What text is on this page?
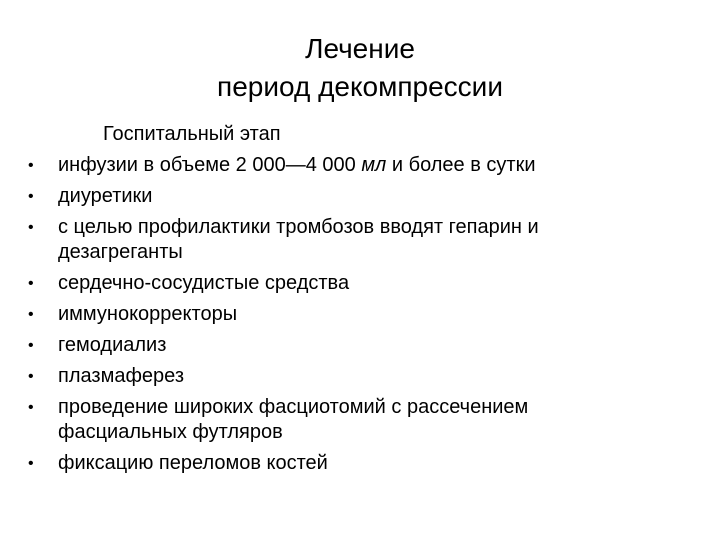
Лечение
период декомпрессии
Госпитальный этап
•	инфузии в объеме 2 000—4 000 мл и более в сутки
•	диуретики
•	с целью профилактики тромбозов вводят гепарин и
дезагреганты
•	сердечно-сосудистые средства
•	иммунокорректоры
•	гемодиализ
•	плазмаферез
•	проведение широких фасциотомий с рассечением
фасциальных футляров
•	фиксацию переломов костей
